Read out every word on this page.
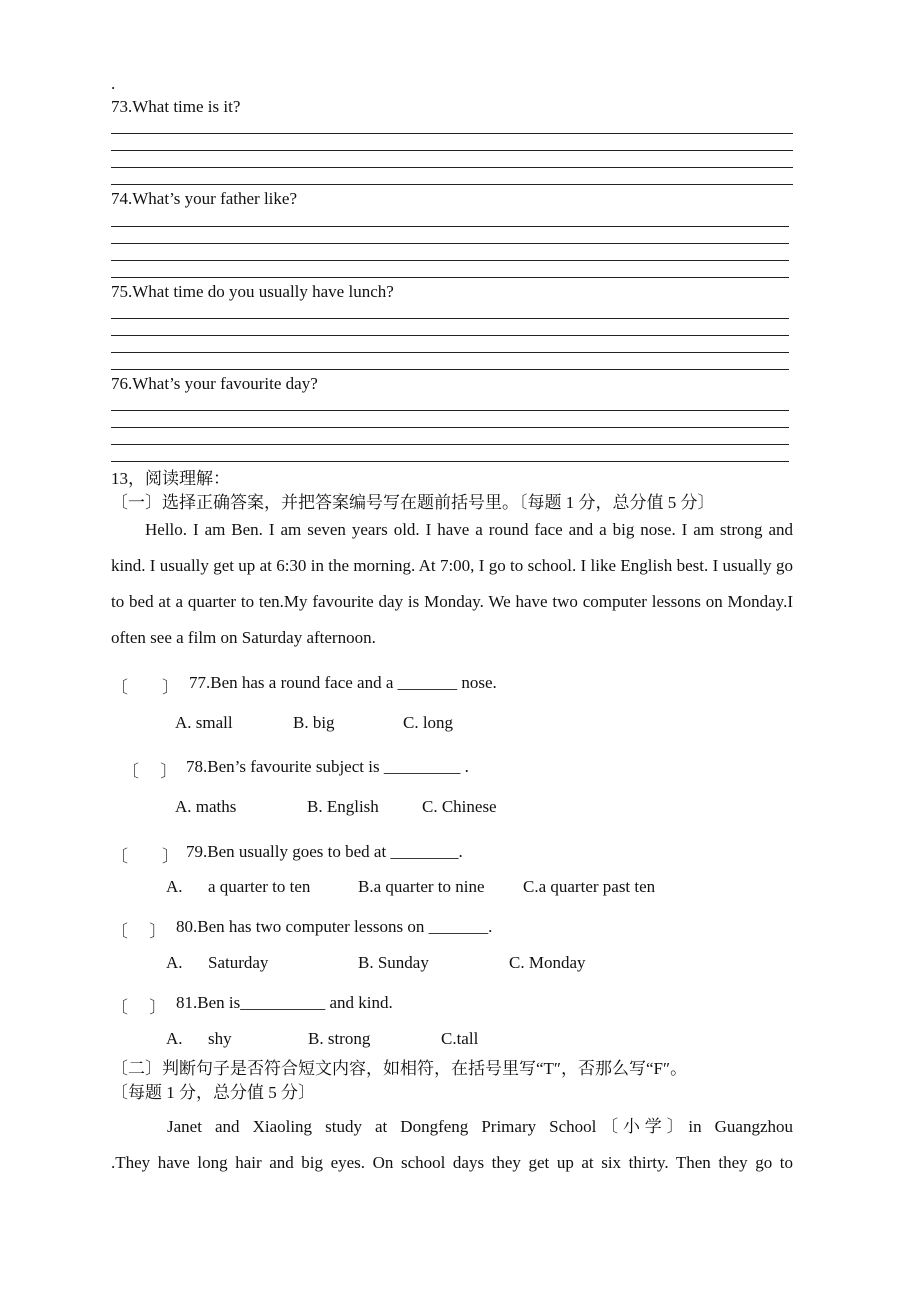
.
73.What time is it?
74.What’s your father like?
75.What time do you usually have lunch?
76.What’s your favourite day?
13，阅读理解：
〔一〕选择正确答案，并把答案编号写在题前括号里。〔每题 1 分，总分值 5 分〕

Hello. I am Ben. I am seven years old. I have a round face and a big nose. I am strong and kind. I usually get up at 6:30 in the morning. At 7:00, I go to school. I like English best. I usually go to bed at a quarter to ten.My favourite day is Monday. We have two computer lessons on Monday.I often see a film on Saturday afternoon.

〔　　〕 77.Ben has a round face and a _______ nose.
A. small	B. big	C. long
〔　 〕 78.Ben’s favourite subject is _________ .
A. maths	B. English	C. Chinese
〔　　〕 79.Ben usually goes to bed at ________.
A. a quarter to ten	B.a quarter to nine C.a quarter past ten
〔　 〕 80.Ben has two computer lessons on _______.
A. Saturday	B. Sunday	C. Monday
〔　 〕 81.Ben is__________ and kind.
A. shy	B. strong	C.tall
〔二〕判断句子是否符合短文内容，如相符，在括号里写“T″，否那么写“F″。
〔每题 1 分，总分值 5 分〕

Janet and Xiaoling study at Dongfeng Primary School〔小学〕in Guangzhou

.They have long hair and big eyes. On school days they get up at six thirty. Then they go to
